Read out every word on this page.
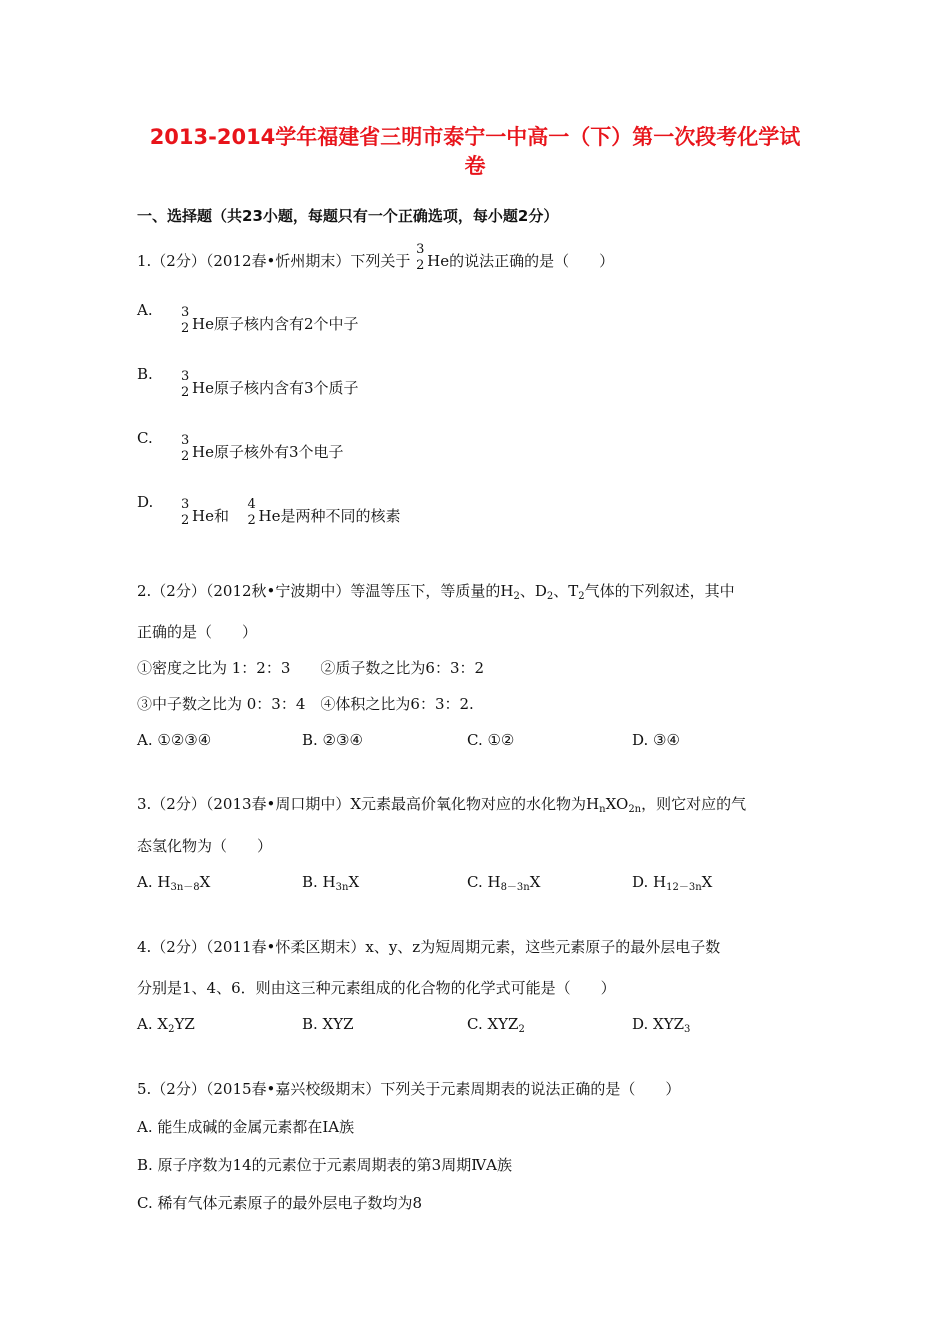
2013-2014学年福建省三明市泰宁一中高一（下）第一次段考化学试
卷
一、选择题（共23小题，每题只有一个正确选项，每小题2分）
1.（2分）（2012春•忻州期末）下列关于
3
2 He的说法正确的是（　　）
A. 3
2 He原子核内含有2个中子
B. 3
2 He原子核内含有3个质子
C. 3
2 He原子核外有3个电子
D. 3
2 He和
4
2 He是两种不同的核素
2.（2分）（2012秋•宁波期中）等温等压下，等质量的$H_2$、$D_2$、$T_2$气体的下列叙述，其中
正确的是（　　）
①密度之比为 1：2：3　　②质子数之比为6：3：2
③中子数之比为 0：3：4　④体积之比为6：3：2.
A. ①②③④	B. ②③④	C. ①②	D. ③④
3.（2分）（2013春•周口期中）X元素最高价氧化物对应的水化物为$H_nXO_{2n}$，则它对应的气
态氢化物为（　　）
A. $H_{3n-8}X$	B. $H_{3n}X$	C. $H_{8-3n}X$	D. $H_{12-3n}X$
4.（2分）（2011春•怀柔区期末）x、y、z为短周期元素，这些元素原子的最外层电子数
分别是1、4、6．则由这三种元素组成的化合物的化学式可能是（　　）
A. $X_2YZ$	B. XYZ	C. $XYZ_2$	D. $XYZ_3$
5.（2分）（2015春•嘉兴校级期末）下列关于元素周期表的说法正确的是（　　）
A. 能生成碱的金属元素都在ⅠA族
B. 原子序数为14的元素位于元素周期表的第3周期ⅣA族
C. 稀有气体元素原子的最外层电子数均为8
